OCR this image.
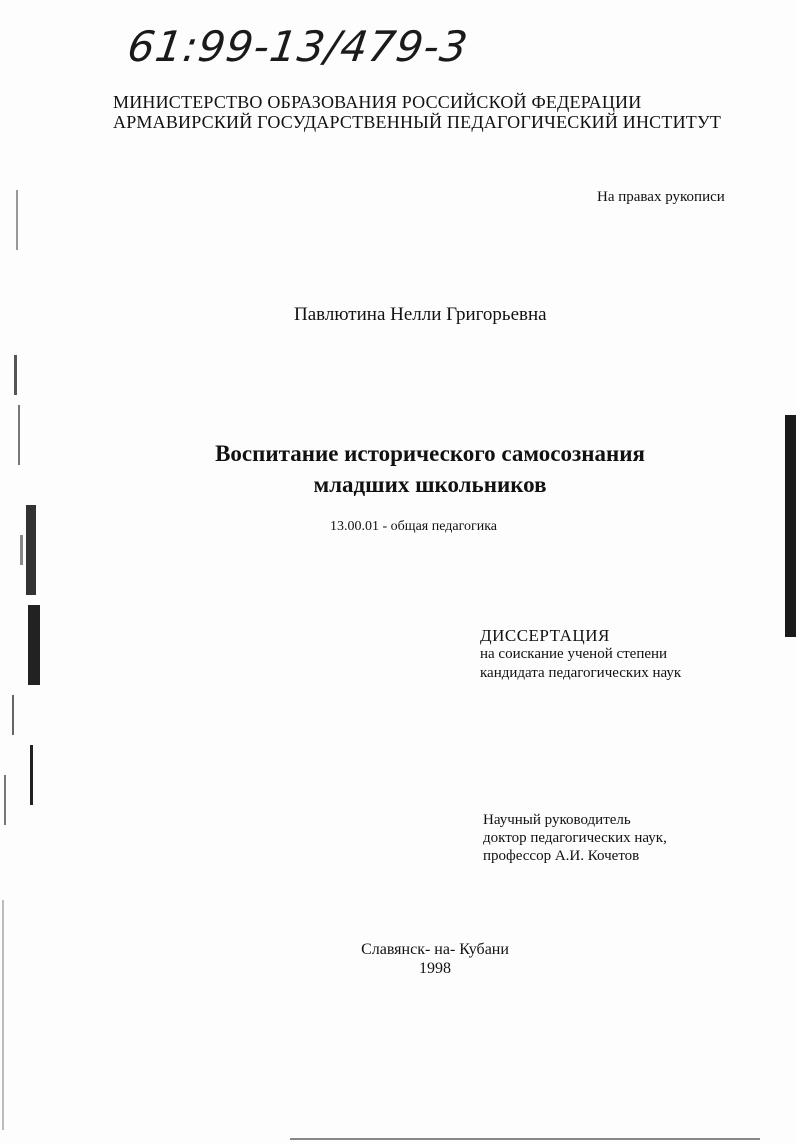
61:99-13/479-3
МИНИСТЕРСТВО ОБРАЗОВАНИЯ РОССИЙСКОЙ ФЕДЕРАЦИИ
АРМАВИРСКИЙ ГОСУДАРСТВЕННЫЙ ПЕДАГОГИЧЕСКИЙ ИНСТИТУТ
На правах рукописи
Павлютина Нелли Григорьевна
Воспитание исторического самосознания
младших школьников
13.00.01 - общая педагогика
ДИССЕРТАЦИЯ
на соискание ученой степени
кандидата педагогических наук
Научный руководитель
доктор педагогических наук,
профессор А.И. Кочетов
Славянск- на- Кубани
1998
